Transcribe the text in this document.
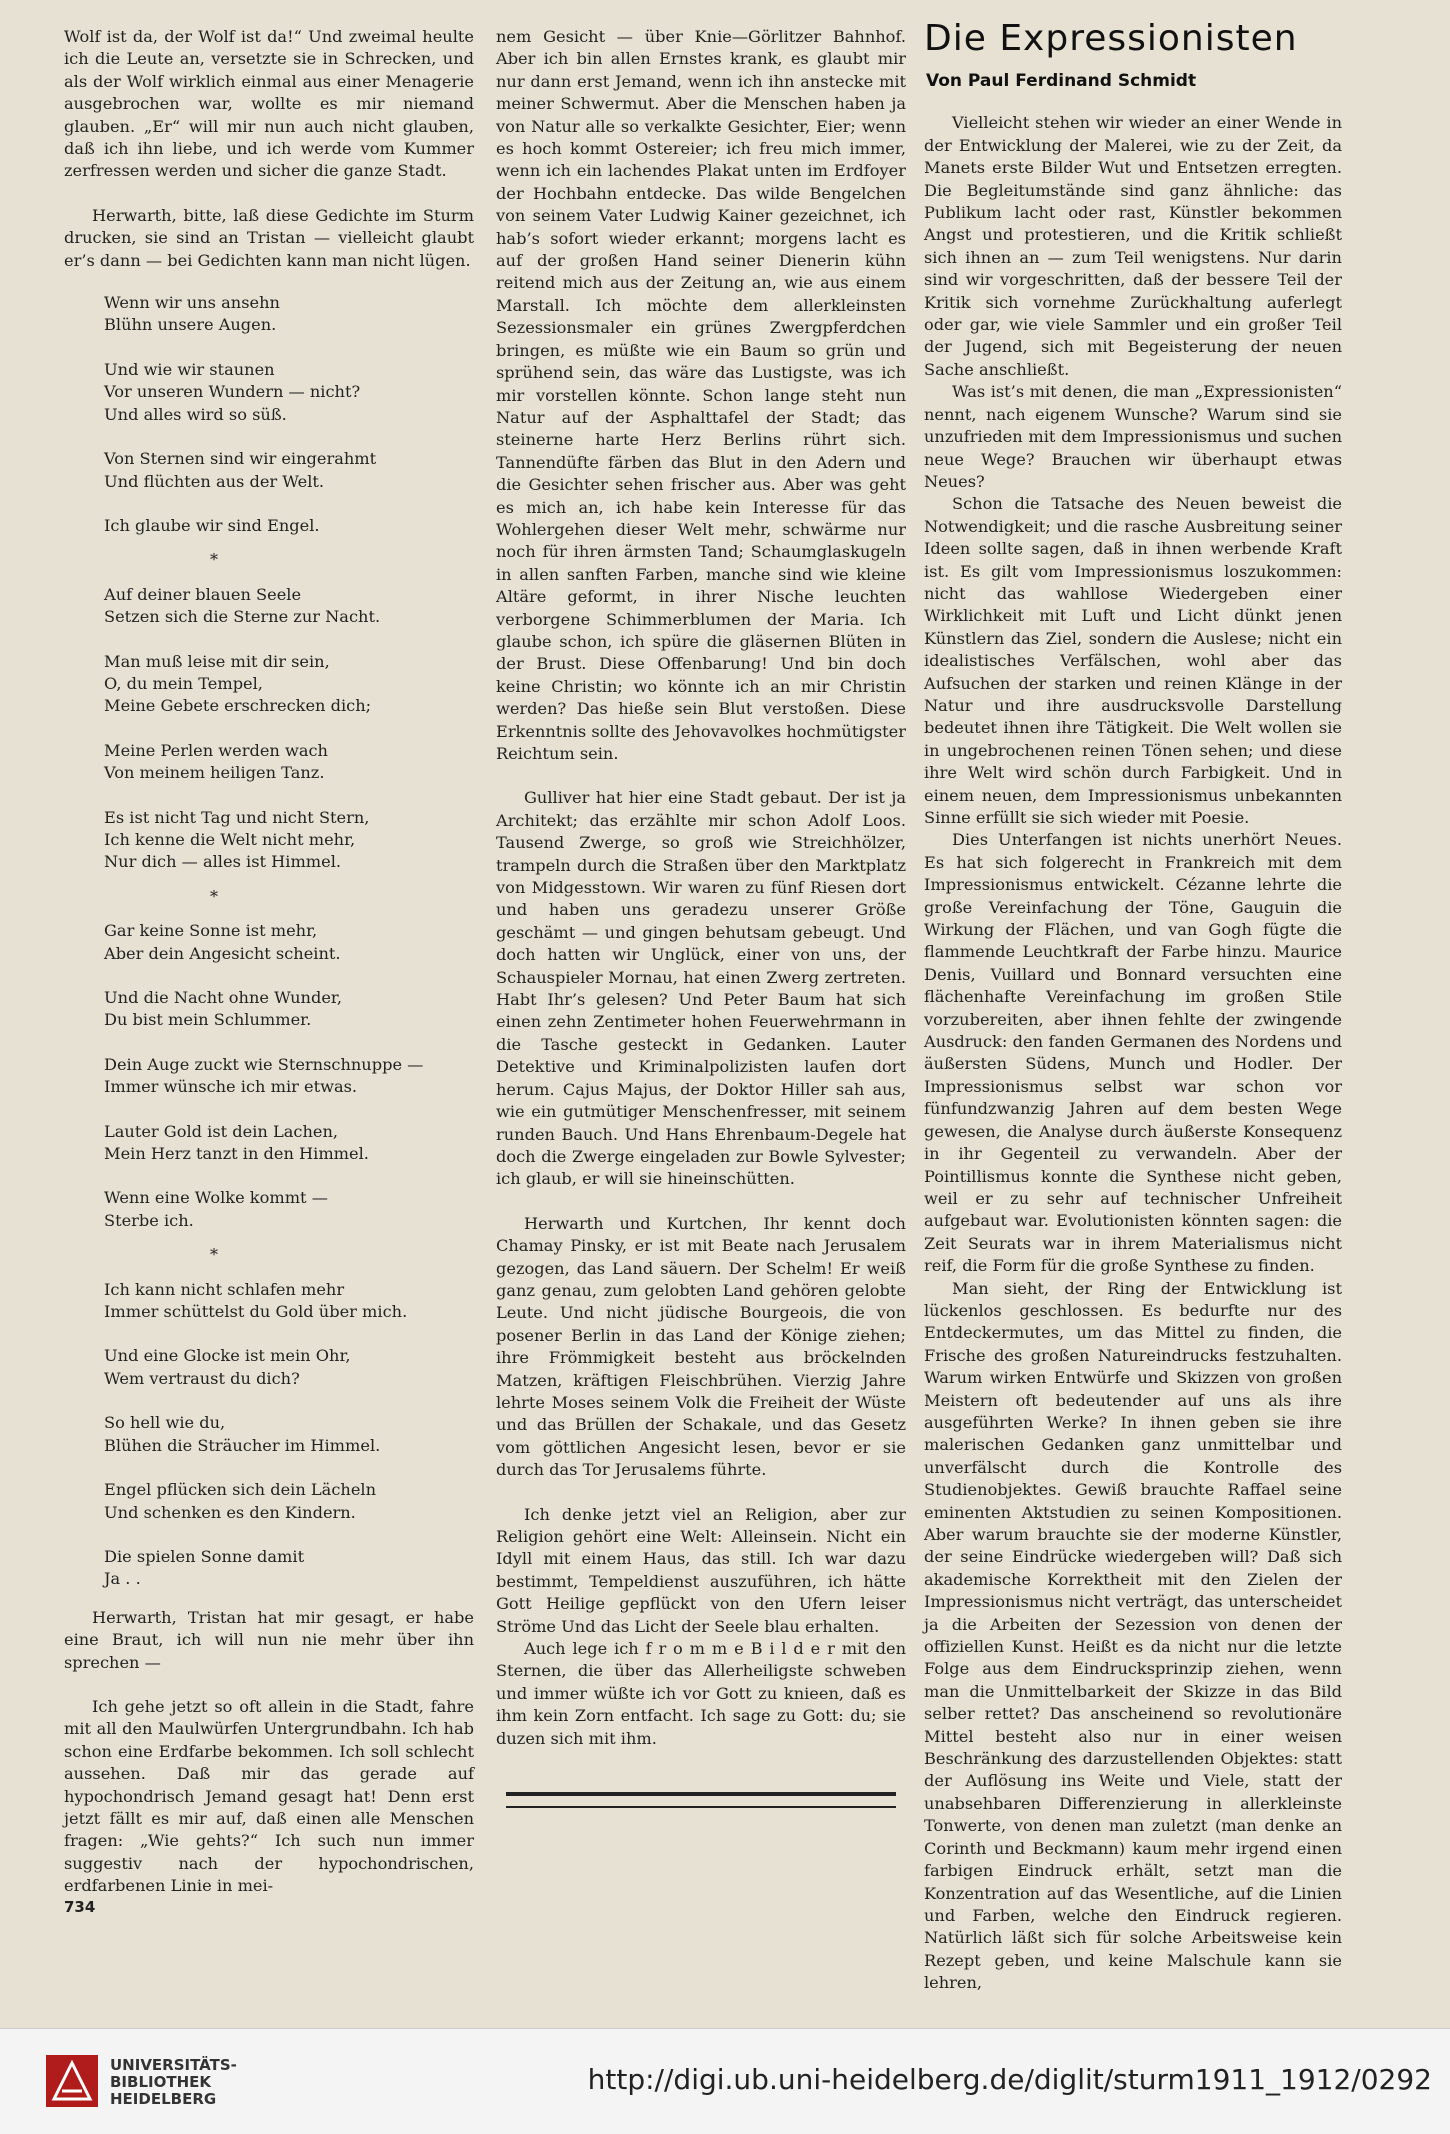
Wolf ist da, der Wolf ist da!“ Und zweimal heulte ich die Leute an, versetzte sie in Schrecken, und als der Wolf wirklich einmal aus einer Menagerie ausgebrochen war, wollte es mir niemand glauben. „Er“ will mir nun auch nicht glauben, daß ich ihn liebe, und ich werde vom Kummer zerfressen werden und sicher die ganze Stadt.

Herwarth, bitte, laß diese Gedichte im Sturm drucken, sie sind an Tristan — vielleicht glaubt er’s dann — bei Gedichten kann man nicht lügen.

Wenn wir uns ansehn
Blühn unsere Augen.
Und wie wir staunen
Vor unseren Wundern — nicht?
Und alles wird so süß.
Von Sternen sind wir eingerahmt
Und flüchten aus der Welt.
Ich glaube wir sind Engel.
*
Auf deiner blauen Seele
Setzen sich die Sterne zur Nacht.
Man muß leise mit dir sein,
O, du mein Tempel,
Meine Gebete erschrecken dich;
Meine Perlen werden wach
Von meinem heiligen Tanz.
Es ist nicht Tag und nicht Stern,
Ich kenne die Welt nicht mehr,
Nur dich — alles ist Himmel.
*
Gar keine Sonne ist mehr,
Aber dein Angesicht scheint.
Und die Nacht ohne Wunder,
Du bist mein Schlummer.
Dein Auge zuckt wie Sternschnuppe —
Immer wünsche ich mir etwas.
Lauter Gold ist dein Lachen,
Mein Herz tanzt in den Himmel.
Wenn eine Wolke kommt —
Sterbe ich.
*
Ich kann nicht schlafen mehr
Immer schüttelst du Gold über mich.
Und eine Glocke ist mein Ohr,
Wem vertraust du dich?
So hell wie du,
Blühen die Sträucher im Himmel.
Engel pflücken sich dein Lächeln
Und schenken es den Kindern.
Die spielen Sonne damit
Ja . .

Herwarth, Tristan hat mir gesagt, er habe eine Braut, ich will nun nie mehr über ihn sprechen —

Ich gehe jetzt so oft allein in die Stadt, fahre mit all den Maulwürfen Untergrundbahn. Ich hab schon eine Erdfarbe bekommen. Ich soll schlecht aussehen. Daß mir das gerade auf hypochondrisch Jemand gesagt hat! Denn erst jetzt fällt es mir auf, daß einen alle Menschen fragen: „Wie gehts?“ Ich such nun immer suggestiv nach der hypochondrischen, erdfarbenen Linie in mei-

nem Gesicht — über Knie—Görlitzer Bahnhof. Aber ich bin allen Ernstes krank, es glaubt mir nur dann erst Jemand, wenn ich ihn anstecke mit meiner Schwermut. Aber die Menschen haben ja von Natur alle so verkalkte Gesichter, Eier; wenn es hoch kommt Ostereier; ich freu mich immer, wenn ich ein lachendes Plakat unten im Erdfoyer der Hochbahn entdecke. Das wilde Bengelchen von seinem Vater Ludwig Kainer gezeichnet, ich hab’s sofort wieder erkannt; morgens lacht es auf der großen Hand seiner Dienerin kühn reitend mich aus der Zeitung an, wie aus einem Marstall. Ich möchte dem allerkleinsten Sezessionsmaler ein grünes Zwergpferdchen bringen, es müßte wie ein Baum so grün und sprühend sein, das wäre das Lustigste, was ich mir vorstellen könnte. Schon lange steht nun Natur auf der Asphalttafel der Stadt; das steinerne harte Herz Berlins rührt sich. Tannendüfte färben das Blut in den Adern und die Gesichter sehen frischer aus. Aber was geht es mich an, ich habe kein Interesse für das Wohlergehen dieser Welt mehr, schwärme nur noch für ihren ärmsten Tand; Schaumglaskugeln in allen sanften Farben, manche sind wie kleine Altäre geformt, in ihrer Nische leuchten verborgene Schimmerblumen der Maria. Ich glaube schon, ich spüre die gläsernen Blüten in der Brust. Diese Offenbarung! Und bin doch keine Christin; wo könnte ich an mir Christin werden? Das hieße sein Blut verstoßen. Diese Erkenntnis sollte des Jehovavolkes hochmütigster Reichtum sein.

Gulliver hat hier eine Stadt gebaut. Der ist ja Architekt; das erzählte mir schon Adolf Loos. Tausend Zwerge, so groß wie Streichhölzer, trampeln durch die Straßen über den Marktplatz von Midgesstown. Wir waren zu fünf Riesen dort und haben uns geradezu unserer Größe geschämt — und gingen behutsam gebeugt. Und doch hatten wir Unglück, einer von uns, der Schauspieler Mornau, hat einen Zwerg zertreten. Habt Ihr’s gelesen? Und Peter Baum hat sich einen zehn Zentimeter hohen Feuerwehrmann in die Tasche gesteckt in Gedanken. Lauter Detektive und Kriminalpolizisten laufen dort herum. Cajus Majus, der Doktor Hiller sah aus, wie ein gutmütiger Menschenfresser, mit seinem runden Bauch. Und Hans Ehrenbaum-Degele hat doch die Zwerge eingeladen zur Bowle Sylvester; ich glaub, er will sie hineinschütten.

Herwarth und Kurtchen, Ihr kennt doch Chamay Pinsky, er ist mit Beate nach Jerusalem gezogen, das Land säuern. Der Schelm! Er weiß ganz genau, zum gelobten Land gehören gelobte Leute. Und nicht jüdische Bourgeois, die von posener Berlin in das Land der Könige ziehen; ihre Frömmigkeit besteht aus bröckelnden Matzen, kräftigen Fleischbrühen. Vierzig Jahre lehrte Moses seinem Volk die Freiheit der Wüste und das Brüllen der Schakale, und das Gesetz vom göttlichen Angesicht lesen, bevor er sie durch das Tor Jerusalems führte.

Ich denke jetzt viel an Religion, aber zur Religion gehört eine Welt: Alleinsein. Nicht ein Idyll mit einem Haus, das still. Ich war dazu bestimmt, Tempeldienst auszuführen, ich hätte Gott Heilige gepflückt von den Ufern leiser Ströme Und das Licht der Seele blau erhalten.

Auch lege ich f r o m m e B i l d e r mit den Sternen, die über das Allerheiligste schweben und immer wüßte ich vor Gott zu knieen, daß es ihm kein Zorn entfacht. Ich sage zu Gott: du; sie duzen sich mit ihm.

Die Expressionisten
Von Paul Ferdinand Schmidt

Vielleicht stehen wir wieder an einer Wende in der Entwicklung der Malerei, wie zu der Zeit, da Manets erste Bilder Wut und Entsetzen erregten. Die Begleitumstände sind ganz ähnliche: das Publikum lacht oder rast, Künstler bekommen Angst und protestieren, und die Kritik schließt sich ihnen an — zum Teil wenigstens. Nur darin sind wir vorgeschritten, daß der bessere Teil der Kritik sich vornehme Zurückhaltung auferlegt oder gar, wie viele Sammler und ein großer Teil der Jugend, sich mit Begeisterung der neuen Sache anschließt.

Was ist’s mit denen, die man „Expressionisten“ nennt, nach eigenem Wunsche? Warum sind sie unzufrieden mit dem Impressionismus und suchen neue Wege? Brauchen wir überhaupt etwas Neues?

Schon die Tatsache des Neuen beweist die Notwendigkeit; und die rasche Ausbreitung seiner Ideen sollte sagen, daß in ihnen werbende Kraft ist. Es gilt vom Impressionismus loszukommen: nicht das wahllose Wiedergeben einer Wirklichkeit mit Luft und Licht dünkt jenen Künstlern das Ziel, sondern die Auslese; nicht ein idealistisches Verfälschen, wohl aber das Aufsuchen der starken und reinen Klänge in der Natur und ihre ausdrucksvolle Darstellung bedeutet ihnen ihre Tätigkeit. Die Welt wollen sie in ungebrochenen reinen Tönen sehen; und diese ihre Welt wird schön durch Farbigkeit. Und in einem neuen, dem Impressionismus unbekannten Sinne erfüllt sie sich wieder mit Poesie.

Dies Unterfangen ist nichts unerhört Neues. Es hat sich folgerecht in Frankreich mit dem Impressionismus entwickelt. Cézanne lehrte die große Vereinfachung der Töne, Gauguin die Wirkung der Flächen, und van Gogh fügte die flammende Leuchtkraft der Farbe hinzu. Maurice Denis, Vuillard und Bonnard versuchten eine flächenhafte Vereinfachung im großen Stile vorzubereiten, aber ihnen fehlte der zwingende Ausdruck: den fanden Germanen des Nordens und äußersten Südens, Munch und Hodler. Der Impressionismus selbst war schon vor fünfundzwanzig Jahren auf dem besten Wege gewesen, die Analyse durch äußerste Konsequenz in ihr Gegenteil zu verwandeln. Aber der Pointillismus konnte die Synthese nicht geben, weil er zu sehr auf technischer Unfreiheit aufgebaut war. Evolutionisten könnten sagen: die Zeit Seurats war in ihrem Materialismus nicht reif, die Form für die große Synthese zu finden.

Man sieht, der Ring der Entwicklung ist lückenlos geschlossen. Es bedurfte nur des Entdeckermutes, um das Mittel zu finden, die Frische des großen Natureindrucks festzuhalten. Warum wirken Entwürfe und Skizzen von großen Meistern oft bedeutender auf uns als ihre ausgeführten Werke? In ihnen geben sie ihre malerischen Gedanken ganz unmittelbar und unverfälscht durch die Kontrolle des Studienobjektes. Gewiß brauchte Raffael seine eminenten Aktstudien zu seinen Kompositionen. Aber warum brauchte sie der moderne Künstler, der seine Eindrücke wiedergeben will? Daß sich akademische Korrektheit mit den Zielen der Impressionismus nicht verträgt, das unterscheidet ja die Arbeiten der Sezession von denen der offiziellen Kunst. Heißt es da nicht nur die letzte Folge aus dem Eindrucksprinzip ziehen, wenn man die Unmittelbarkeit der Skizze in das Bild selber rettet? Das anscheinend so revolutionäre Mittel besteht also nur in einer weisen Beschränkung des darzustellenden Objektes: statt der Auflösung ins Weite und Viele, statt der unabsehbaren Differenzierung in allerkleinste Tonwerte, von denen man zuletzt (man denke an Corinth und Beckmann) kaum mehr irgend einen farbigen Eindruck erhält, setzt man die Konzentration auf das Wesentliche, auf die Linien und Farben, welche den Eindruck regieren. Natürlich läßt sich für solche Arbeitsweise kein Rezept geben, und keine Malschule kann sie lehren,

734
UNIVERSITÄTS-
BIBLIOTHEK
HEIDELBERG
http://digi.ub.uni-heidelberg.de/diglit/sturm1911_1912/0292
